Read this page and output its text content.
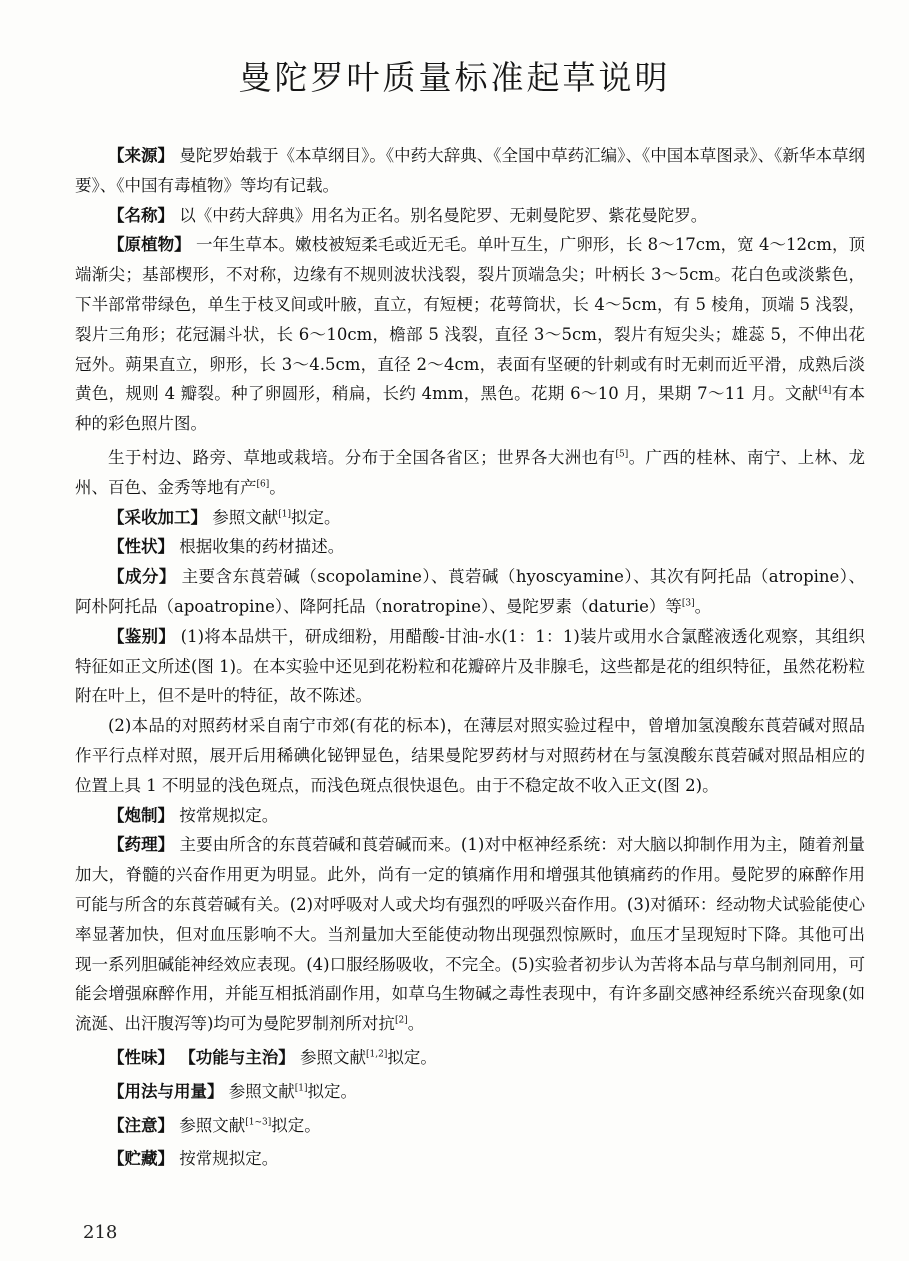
曼陀罗叶质量标准起草说明

【来源】 曼陀罗始载于《本草纲目》。《中药大辞典、《全国中草药汇编》、《中国本草图录》、《新华本草纲要》、《中国有毒植物》等均有记载。

【名称】 以《中药大辞典》用名为正名。别名曼陀罗、无刺曼陀罗、紫花曼陀罗。

【原植物】 一年生草本。嫩枝被短柔毛或近无毛。单叶互生，广卵形，长 8～17cm，宽 4～12cm，顶端渐尖；基部楔形，不对称，边缘有不规则波状浅裂，裂片顶端急尖；叶柄长 3～5cm。花白色或淡紫色，下半部常带绿色，单生于枝叉间或叶腋，直立，有短梗；花萼筒状，长 4～5cm，有 5 棱角，顶端 5 浅裂，裂片三角形；花冠漏斗状，长 6～10cm，檐部 5 浅裂，直径 3～5cm，裂片有短尖头；雄蕊 5，不伸出花冠外。蒴果直立，卵形，长 3～4.5cm，直径 2～4cm，表面有坚硬的针刺或有时无刺而近平滑，成熟后淡黄色，规则 4 瓣裂。种了卵圆形，稍扁，长约 4mm，黑色。花期 6～10 月，果期 7～11 月。文献[4]有本种的彩色照片图。

生于村边、路旁、草地或栽培。分布于全国各省区；世界各大洲也有[5]。广西的桂林、南宁、上林、龙州、百色、金秀等地有产[6]。

【采收加工】 参照文献[1]拟定。

【性状】 根据收集的药材描述。

【成分】 主要含东莨菪碱（scopolamine）、莨菪碱（hyoscyamine）、其次有阿托品（atropine）、阿朴阿托品（apoatropine）、降阿托品（noratropine）、曼陀罗素（daturie）等[3]。

【鉴别】 (1)将本品烘干，研成细粉，用醋酸-甘油-水(1：1：1)装片或用水合氯醛液透化观察，其组织特征如正文所述(图 1)。在本实验中还见到花粉粒和花瓣碎片及非腺毛，这些都是花的组织特征，虽然花粉粒附在叶上，但不是叶的特征，故不陈述。

(2)本品的对照药材采自南宁市郊(有花的标本)，在薄层对照实验过程中，曾增加氢溴酸东莨菪碱对照品作平行点样对照，展开后用稀碘化铋钾显色，结果曼陀罗药材与对照药材在与氢溴酸东莨菪碱对照品相应的位置上具 1 不明显的浅色斑点，而浅色斑点很快退色。由于不稳定故不收入正文(图 2)。

【炮制】 按常规拟定。

【药理】 主要由所含的东莨菪碱和莨菪碱而来。(1)对中枢神经系统：对大脑以抑制作用为主，随着剂量加大，脊髓的兴奋作用更为明显。此外，尚有一定的镇痛作用和增强其他镇痛药的作用。曼陀罗的麻醉作用可能与所含的东莨菪碱有关。(2)对呼吸对人或犬均有强烈的呼吸兴奋作用。(3)对循环：经动物犬试验能使心率显著加快，但对血压影响不大。当剂量加大至能使动物出现强烈惊厥时，血压才呈现短时下降。其他可出现一系列胆碱能神经效应表现。(4)口服经肠吸收，不完全。(5)实验者初步认为苦将本品与草乌制剂同用，可能会增强麻醉作用，并能互相抵消副作用，如草乌生物碱之毒性表现中，有许多副交感神经系统兴奋现象(如流涎、出汗腹泻等)均可为曼陀罗制剂所对抗[2]。

【性味】 【功能与主治】 参照文献[1,2]拟定。

【用法与用量】 参照文献[1]拟定。

【注意】 参照文献[1~3]拟定。

【贮藏】 按常规拟定。

218
